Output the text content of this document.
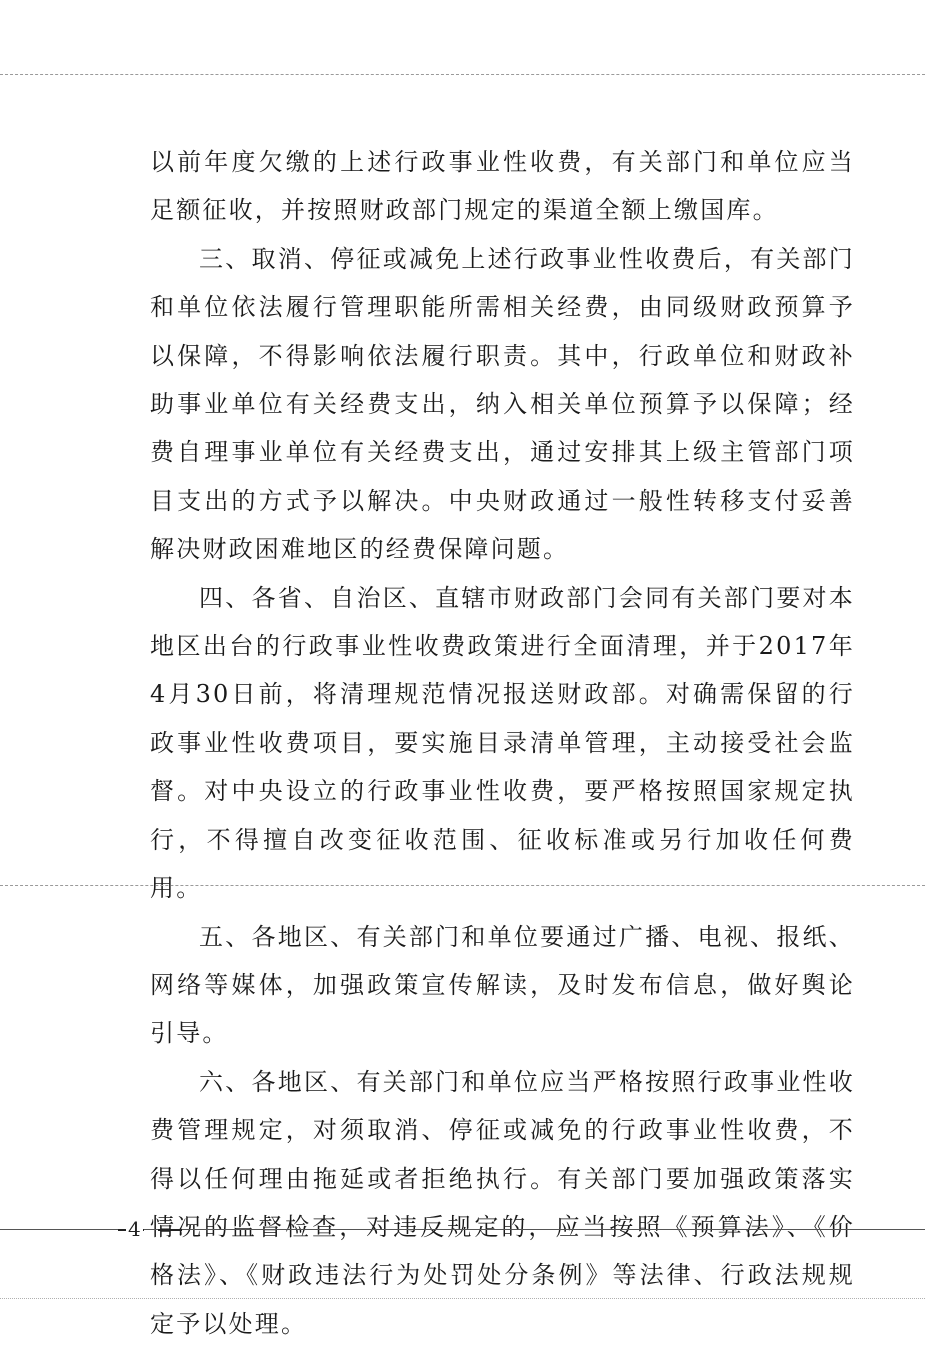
以前年度欠缴的上述行政事业性收费，有关部门和单位应当足额征收，并按照财政部门规定的渠道全额上缴国库。

三、取消、停征或减免上述行政事业性收费后，有关部门和单位依法履行管理职能所需相关经费，由同级财政预算予以保障，不得影响依法履行职责。其中，行政单位和财政补助事业单位有关经费支出，纳入相关单位预算予以保障；经费自理事业单位有关经费支出，通过安排其上级主管部门项目支出的方式予以解决。中央财政通过一般性转移支付妥善解决财政困难地区的经费保障问题。

四、各省、自治区、直辖市财政部门会同有关部门要对本地区出台的行政事业性收费政策进行全面清理，并于2017年4月30日前，将清理规范情况报送财政部。对确需保留的行政事业性收费项目，要实施目录清单管理，主动接受社会监督。对中央设立的行政事业性收费，要严格按照国家规定执行，不得擅自改变征收范围、征收标准或另行加收任何费用。

五、各地区、有关部门和单位要通过广播、电视、报纸、网络等媒体，加强政策宣传解读，及时发布信息，做好舆论引导。

六、各地区、有关部门和单位应当严格按照行政事业性收费管理规定，对须取消、停征或减免的行政事业性收费，不得以任何理由拖延或者拒绝执行。有关部门要加强政策落实情况的监督检查，对违反规定的，应当按照《预算法》、《价格法》、《财政违法行为处罚处分条例》等法律、行政法规规定予以处理。

4
